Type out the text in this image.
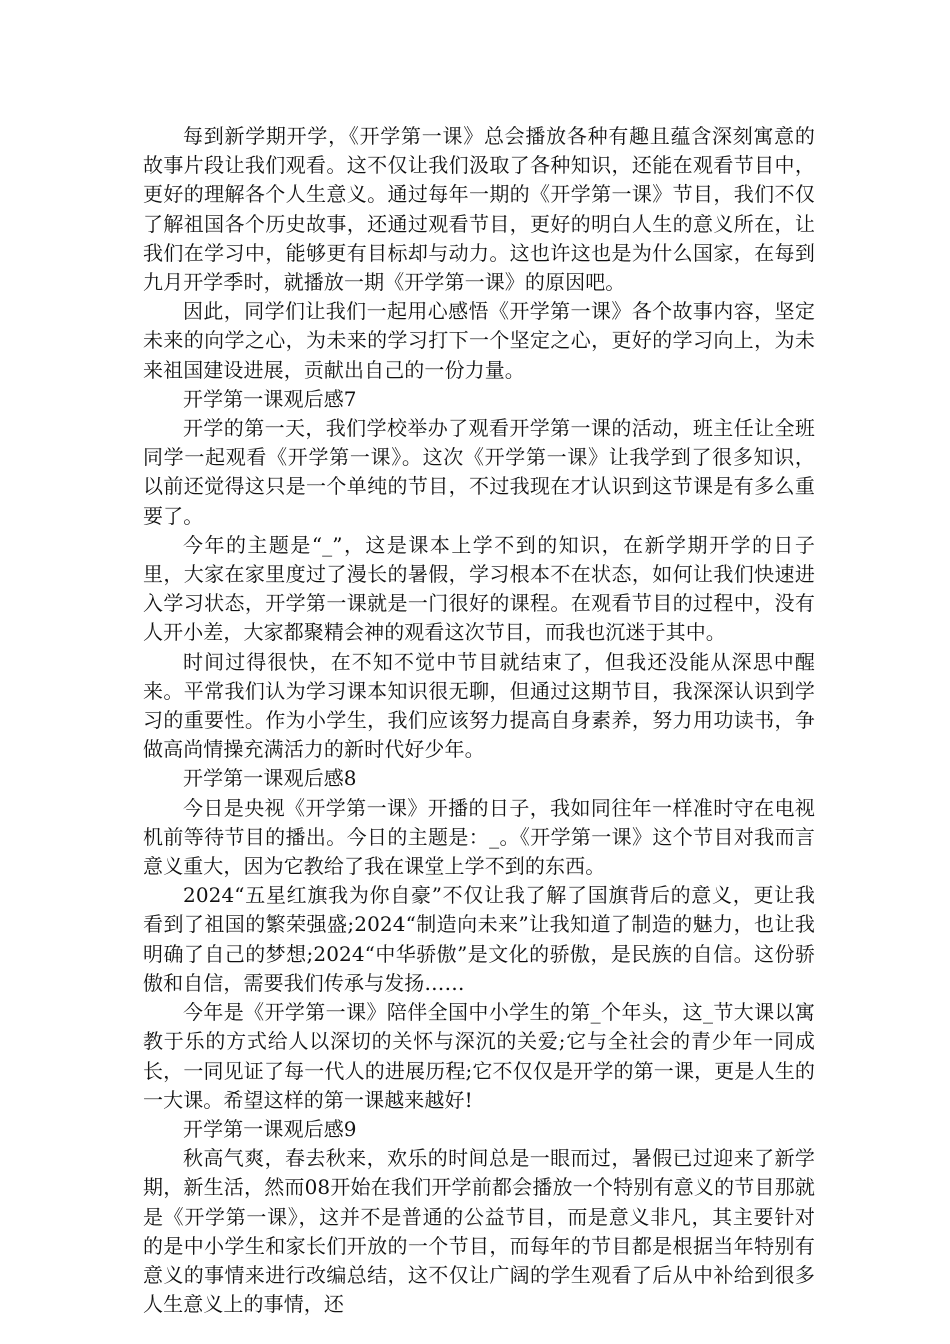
每到新学期开学，《开学第一课》总会播放各种有趣且蕴含深刻寓意的故事片段让我们观看。这不仅让我们汲取了各种知识，还能在观看节目中，更好的理解各个人生意义。通过每年一期的《开学第一课》节目，我们不仅了解祖国各个历史故事，还通过观看节目，更好的明白人生的意义所在，让我们在学习中，能够更有目标却与动力。这也许这也是为什么国家，在每到九月开学季时，就播放一期《开学第一课》的原因吧。

因此，同学们让我们一起用心感悟《开学第一课》各个故事内容，坚定未来的向学之心，为未来的学习打下一个坚定之心，更好的学习向上，为未来祖国建设进展，贡献出自己的一份力量。

开学第一课观后感7

开学的第一天，我们学校举办了观看开学第一课的活动，班主任让全班同学一起观看《开学第一课》。这次《开学第一课》让我学到了很多知识，以前还觉得这只是一个单纯的节目，不过我现在才认识到这节课是有多么重要了。

今年的主题是“_”，这是课本上学不到的知识，在新学期开学的日子里，大家在家里度过了漫长的暑假，学习根本不在状态，如何让我们快速进入学习状态，开学第一课就是一门很好的课程。在观看节目的过程中，没有人开小差，大家都聚精会神的观看这次节目，而我也沉迷于其中。

时间过得很快，在不知不觉中节目就结束了，但我还没能从深思中醒来。平常我们认为学习课本知识很无聊，但通过这期节目，我深深认识到学习的重要性。作为小学生，我们应该努力提高自身素养，努力用功读书，争做高尚情操充满活力的新时代好少年。

开学第一课观后感8

今日是央视《开学第一课》开播的日子，我如同往年一样准时守在电视机前等待节目的播出。今日的主题是：_。《开学第一课》这个节目对我而言意义重大，因为它教给了我在课堂上学不到的东西。

2024“五星红旗我为你自豪”不仅让我了解了国旗背后的意义，更让我看到了祖国的繁荣强盛;2024“制造向未来”让我知道了制造的魅力，也让我明确了自己的梦想;2024“中华骄傲”是文化的骄傲，是民族的自信。这份骄傲和自信，需要我们传承与发扬……

今年是《开学第一课》陪伴全国中小学生的第_个年头，这_节大课以寓教于乐的方式给人以深切的关怀与深沉的关爱;它与全社会的青少年一同成长，一同见证了每一代人的进展历程;它不仅仅是开学的第一课，更是人生的一大课。希望这样的第一课越来越好!

开学第一课观后感9

秋高气爽，春去秋来，欢乐的时间总是一眼而过，暑假已过迎来了新学期，新生活，然而08开始在我们开学前都会播放一个特别有意义的节目那就是《开学第一课》，这并不是普通的公益节目，而是意义非凡，其主要针对的是中小学生和家长们开放的一个节目，而每年的节目都是根据当年特别有意义的事情来进行改编总结，这不仅让广阔的学生观看了后从中补给到很多人生意义上的事情，还
